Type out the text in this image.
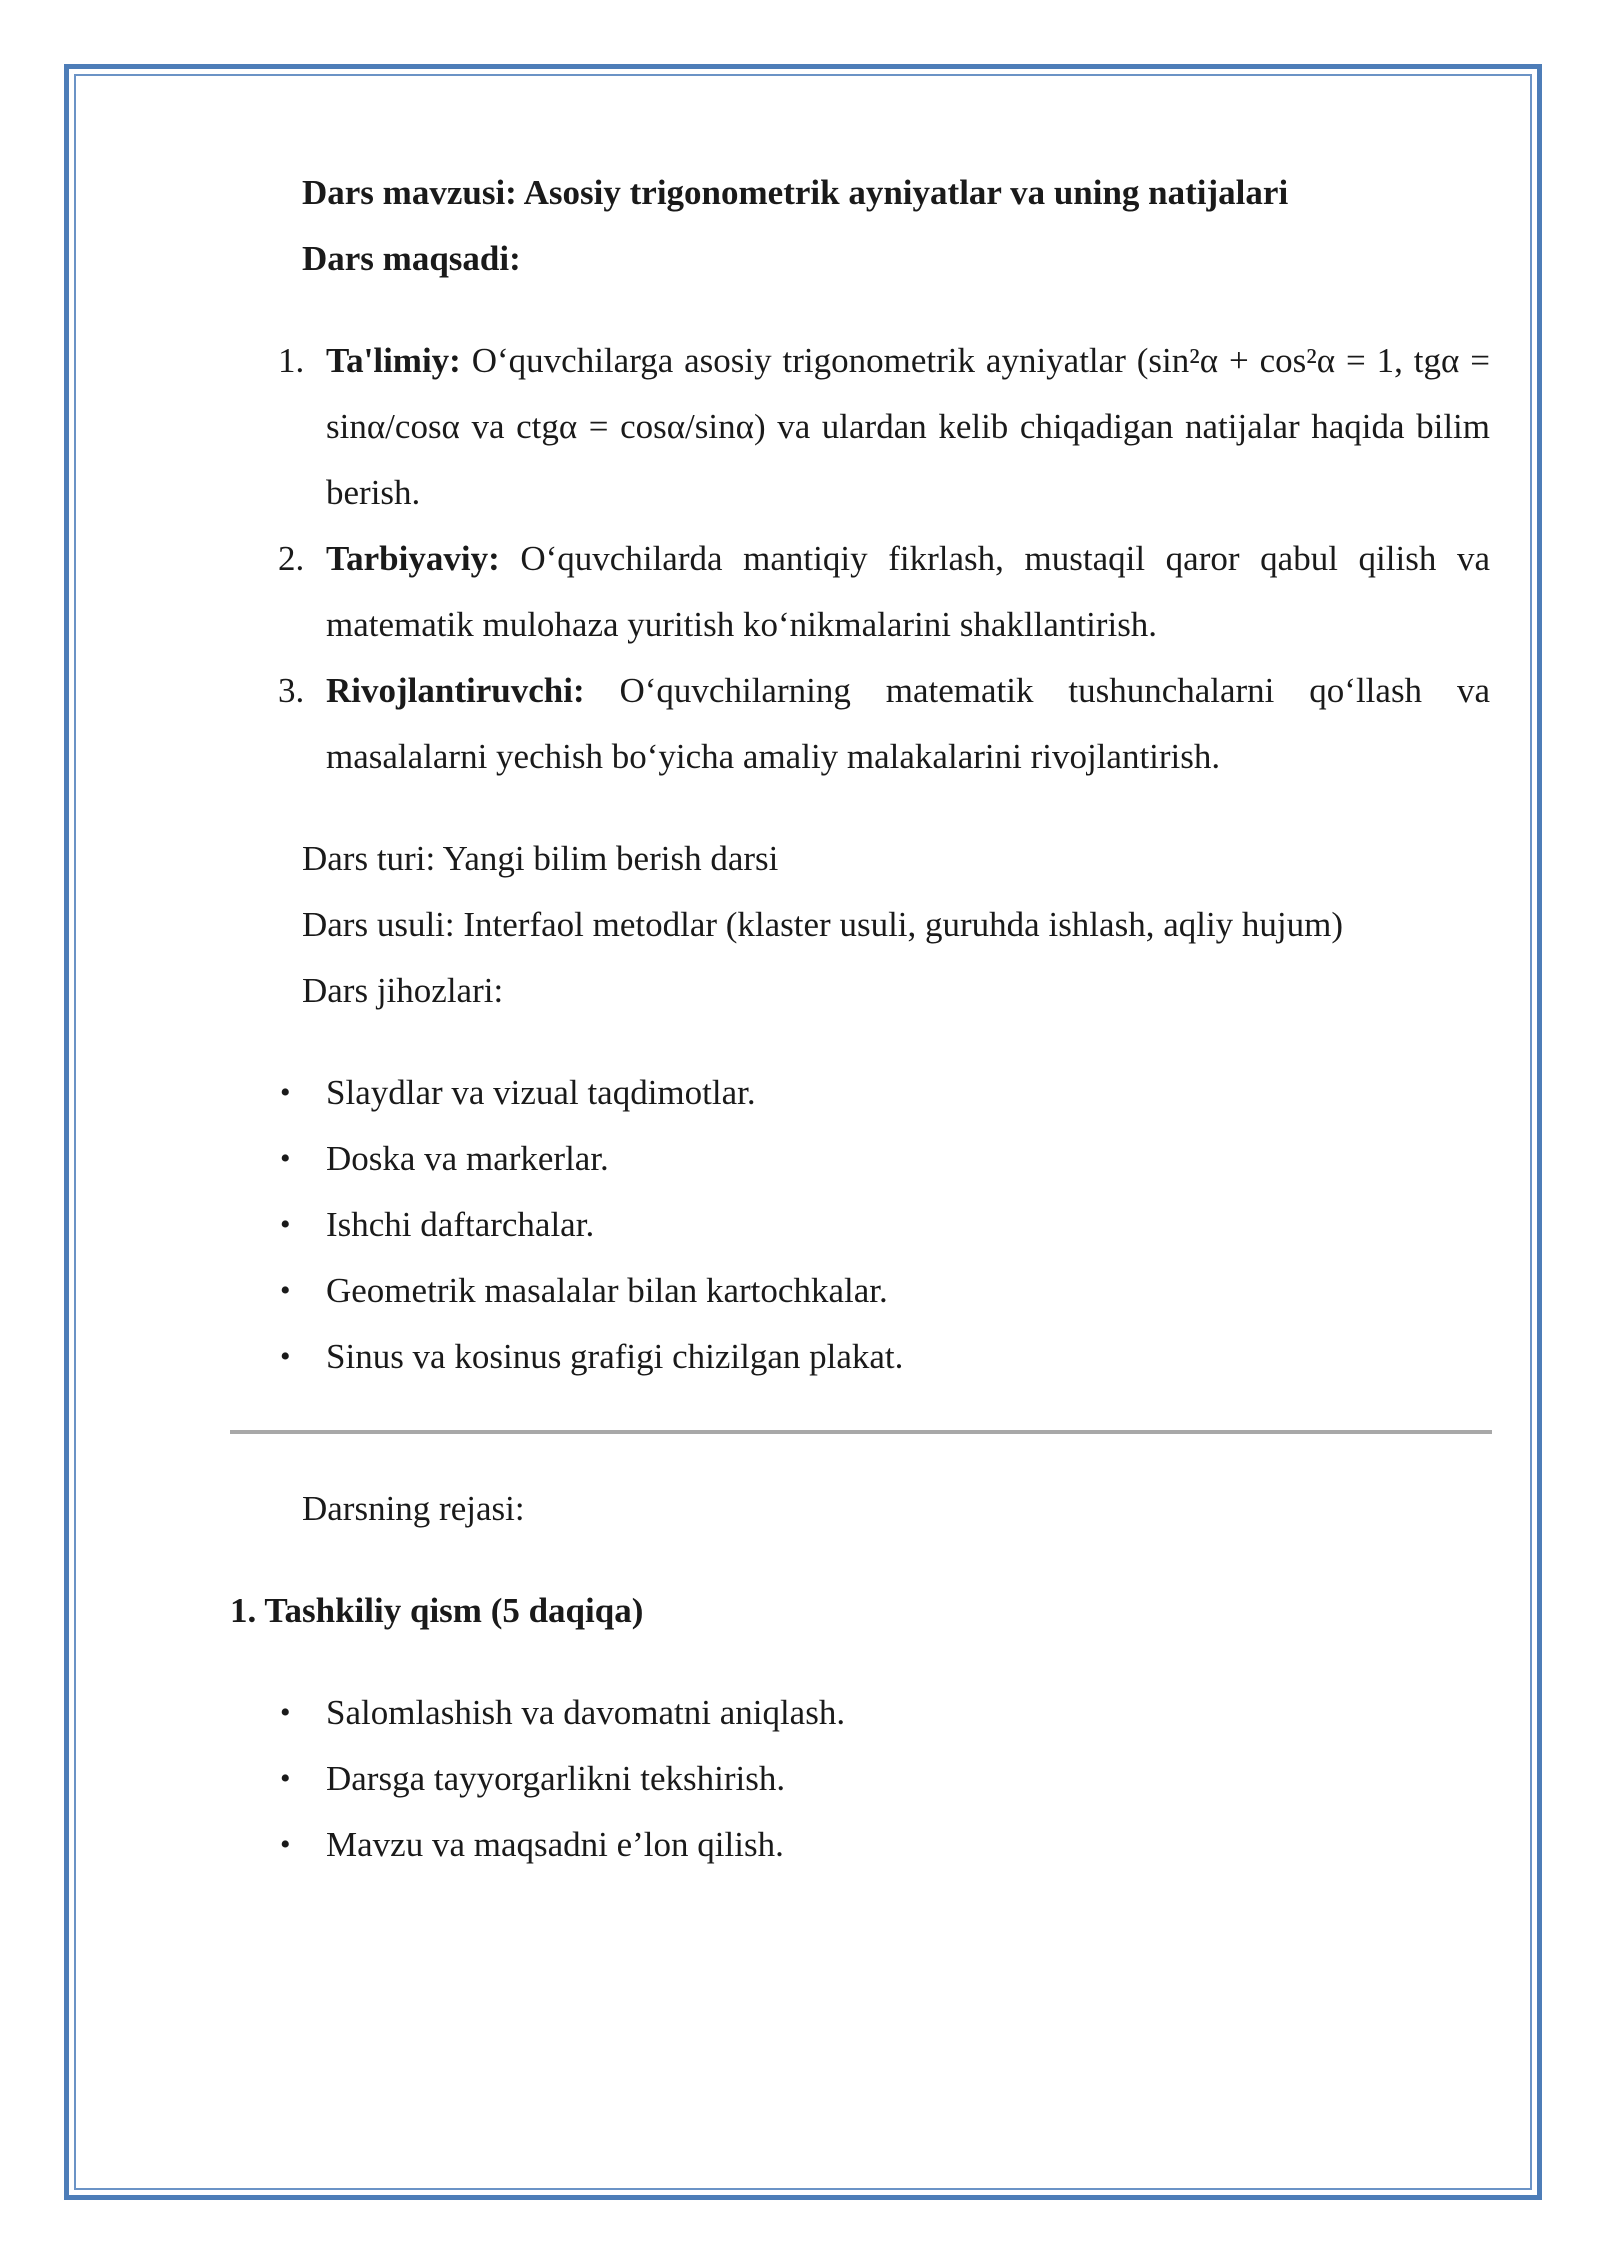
Dars mavzusi: Asosiy trigonometrik ayniyatlar va uning natijalari

Dars maqsadi:

1. Ta'limiy: O‘quvchilarga asosiy trigonometrik ayniyatlar (sin²α + cos²α = 1, tgα = sinα/cosα va ctgα = cosα/sinα) va ulardan kelib chiqadigan natijalar haqida bilim berish.
2. Tarbiyaviy: O‘quvchilarda mantiqiy fikrlash, mustaqil qaror qabul qilish va matematik mulohaza yuritish ko‘nikmalarini shakllantirish.
3. Rivojlantiruvchi: O‘quvchilarning matematik tushunchalarni qo‘llash va masalalarni yechish bo‘yicha amaliy malakalarini rivojlantirish.

Dars turi: Yangi bilim berish darsi

Dars usuli: Interfaol metodlar (klaster usuli, guruhda ishlash, aqliy hujum)

Dars jihozlari:

• Slaydlar va vizual taqdimotlar.
• Doska va markerlar.
• Ishchi daftarchalar.
• Geometrik masalalar bilan kartochkalar.
• Sinus va kosinus grafigi chizilgan plakat.

Darsning rejasi:

1. Tashkiliy qism (5 daqiqa)

• Salomlashish va davomatni aniqlash.
• Darsga tayyorgarlikni tekshirish.
• Mavzu va maqsadni e’lon qilish.
